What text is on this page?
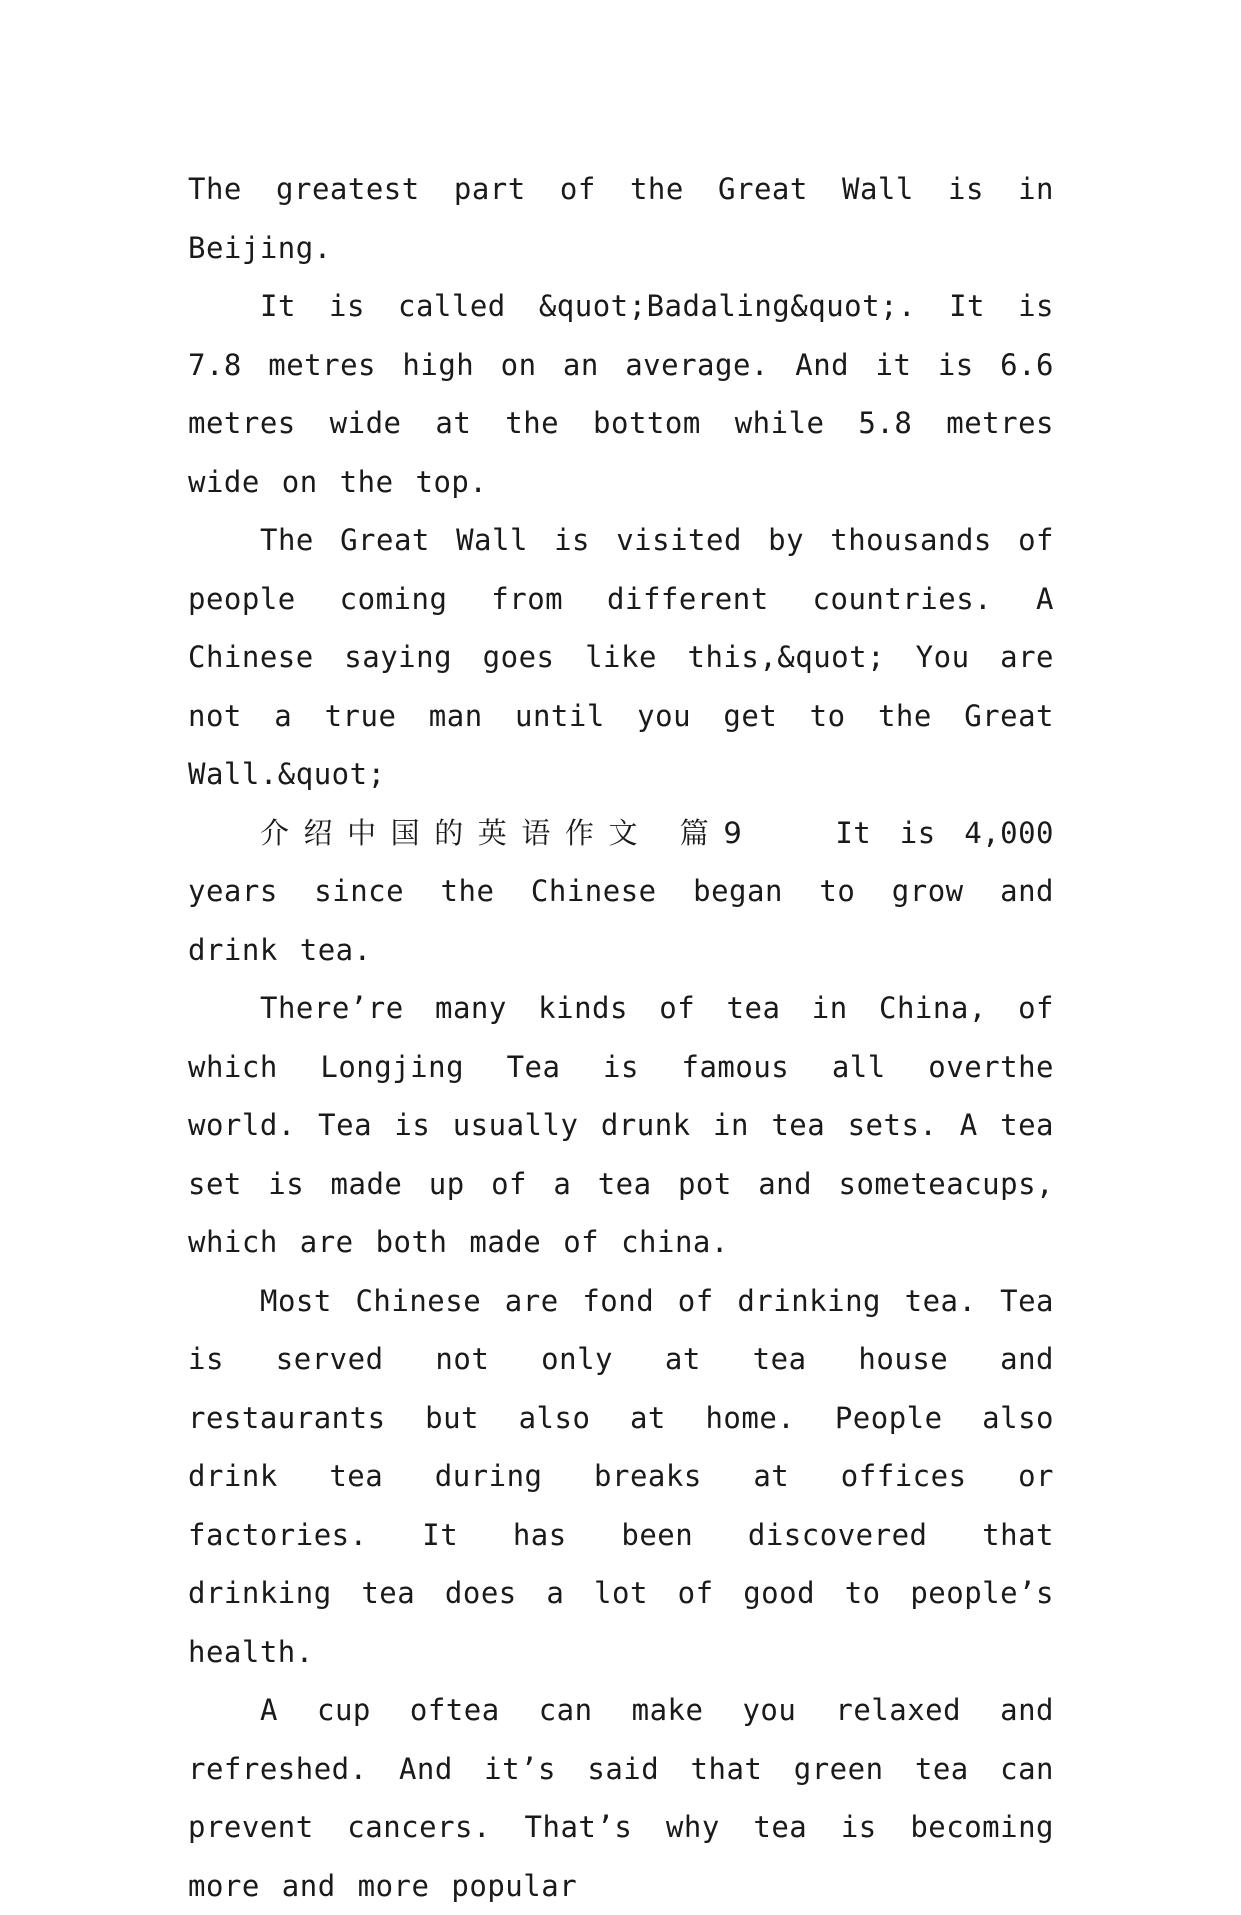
The greatest part of the Great Wall is in Beijing.

It is called &quot;Badaling&quot;. It is 7.8 metres high on an average. And it is 6.6 metres wide at the bottom while 5.8 metres wide on the top.

The Great Wall is visited by thousands of people coming from different countries. A Chinese saying goes like this,&quot; You are not a true man until you get to the Great Wall.&quot;

介绍中国的英语作文 篇9	It is 4,000 years since the Chinese began to grow and drink tea.

There’re many kinds of tea in China, of which Longjing Tea is famous all overthe world. Tea is usually drunk in tea sets. A tea set is made up of a tea pot and someteacups, which are both made of china.

Most Chinese are fond of drinking tea. Tea is served not only at tea house and restaurants but also at home. People also drink tea during breaks at offices or factories. It has been discovered that drinking tea does a lot of good to people’s health.

A cup oftea can make you relaxed and refreshed. And it’s said that green tea can prevent cancers. That’s why tea is becoming more and more popular
